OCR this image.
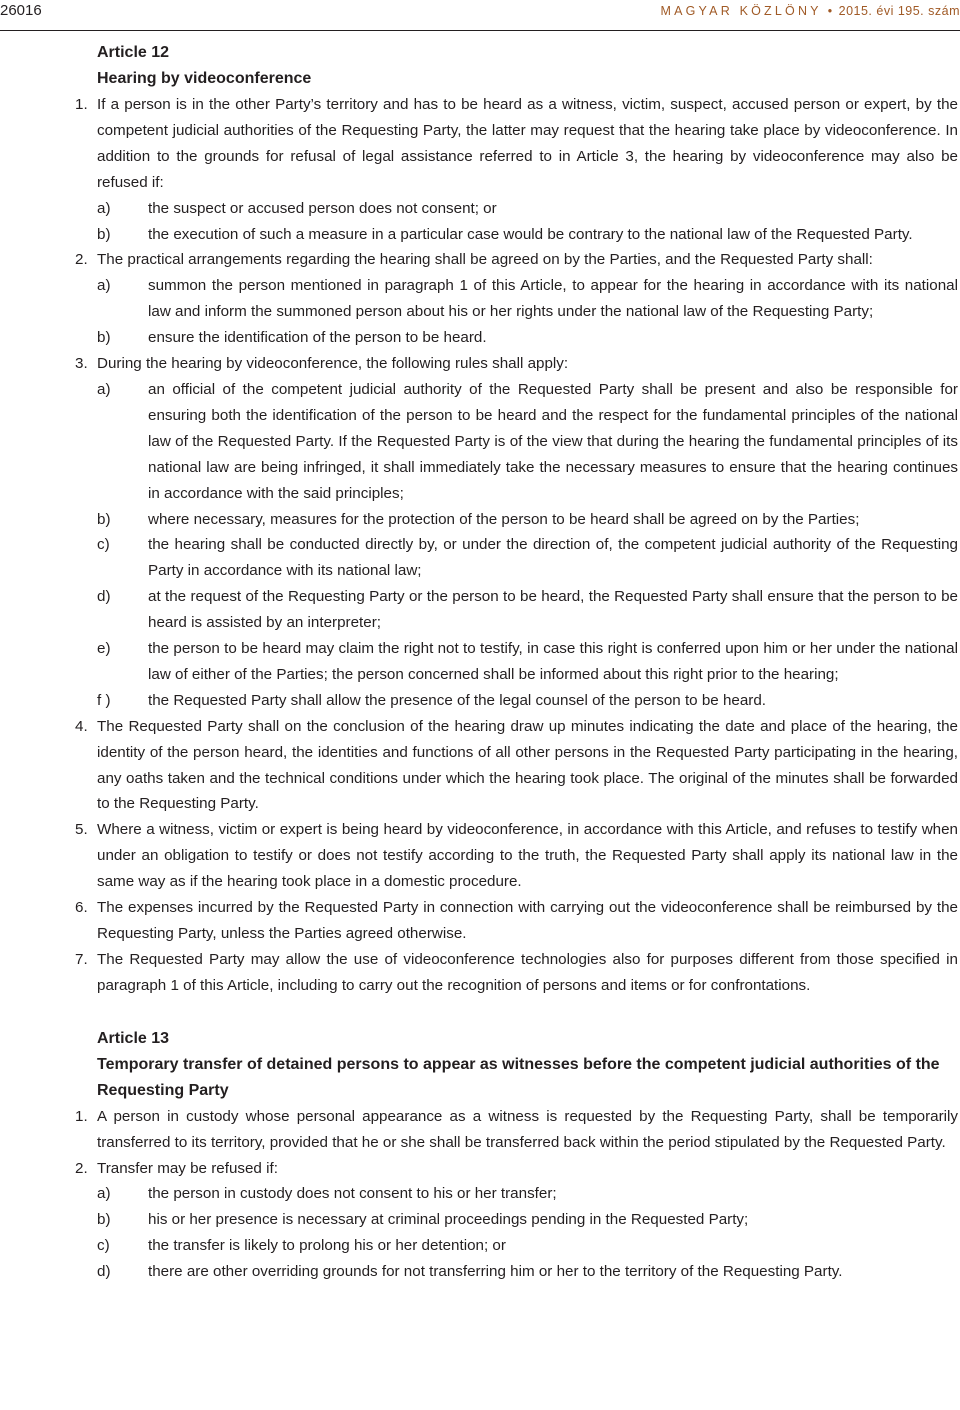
26016	MAGYAR KÖZLÖNY • 2015. évi 195. szám
Article 12
Hearing by videoconference
1. If a person is in the other Party’s territory and has to be heard as a witness, victim, suspect, accused person or expert, by the competent judicial authorities of the Requesting Party, the latter may request that the hearing take place by videoconference. In addition to the grounds for refusal of legal assistance referred to in Article 3, the hearing by videoconference may also be refused if:
a) the suspect or accused person does not consent; or
b) the execution of such a measure in a particular case would be contrary to the national law of the Requested Party.
2. The practical arrangements regarding the hearing shall be agreed on by the Parties, and the Requested Party shall:
a) summon the person mentioned in paragraph 1 of this Article, to appear for the hearing in accordance with its national law and inform the summoned person about his or her rights under the national law of the Requesting Party;
b) ensure the identification of the person to be heard.
3. During the hearing by videoconference, the following rules shall apply:
a) an official of the competent judicial authority of the Requested Party shall be present and also be responsible for ensuring both the identification of the person to be heard and the respect for the fundamental principles of the national law of the Requested Party. If the Requested Party is of the view that during the hearing the fundamental principles of its national law are being infringed, it shall immediately take the necessary measures to ensure that the hearing continues in accordance with the said principles;
b) where necessary, measures for the protection of the person to be heard shall be agreed on by the Parties;
c)	the hearing shall be conducted directly by, or under the direction of, the competent judicial authority of the Requesting Party in accordance with its national law;
d) at the request of the Requesting Party or the person to be heard, the Requested Party shall ensure that the person to be heard is assisted by an interpreter;
e) the person to be heard may claim the right not to testify, in case this right is conferred upon him or her under the national law of either of the Parties; the person concerned shall be informed about this right prior to the hearing;
f ) the Requested Party shall allow the presence of the legal counsel of the person to be heard.
4. The Requested Party shall on the conclusion of the hearing draw up minutes indicating the date and place of the hearing, the identity of the person heard, the identities and functions of all other persons in the Requested Party participating in the hearing, any oaths taken and the technical conditions under which the hearing took place. The original of the minutes shall be forwarded to the Requesting Party.
5. Where a witness, victim or expert is being heard by videoconference, in accordance with this Article, and refuses to testify when under an obligation to testify or does not testify according to the truth, the Requested Party shall apply its national law in the same way as if the hearing took place in a domestic procedure.
6. The expenses incurred by the Requested Party in connection with carrying out the videoconference shall be reimbursed by the Requesting Party, unless the Parties agreed otherwise.
7. The Requested Party may allow the use of videoconference technologies also for purposes different from those specified in paragraph 1 of this Article, including to carry out the recognition of persons and items or for confrontations.
Article 13
Temporary transfer of detained persons to appear as witnesses before the competent judicial authorities of the Requesting Party
1. A person in custody whose personal appearance as a witness is requested by the Requesting Party, shall be temporarily transferred to its territory, provided that he or she shall be transferred back within the period stipulated by the Requested Party.
2. Transfer may be refused if:
a) the person in custody does not consent to his or her transfer;
b) his or her presence is necessary at criminal proceedings pending in the Requested Party;
c)	the transfer is likely to prolong his or her detention; or
d) there are other overriding grounds for not transferring him or her to the territory of the Requesting Party.
